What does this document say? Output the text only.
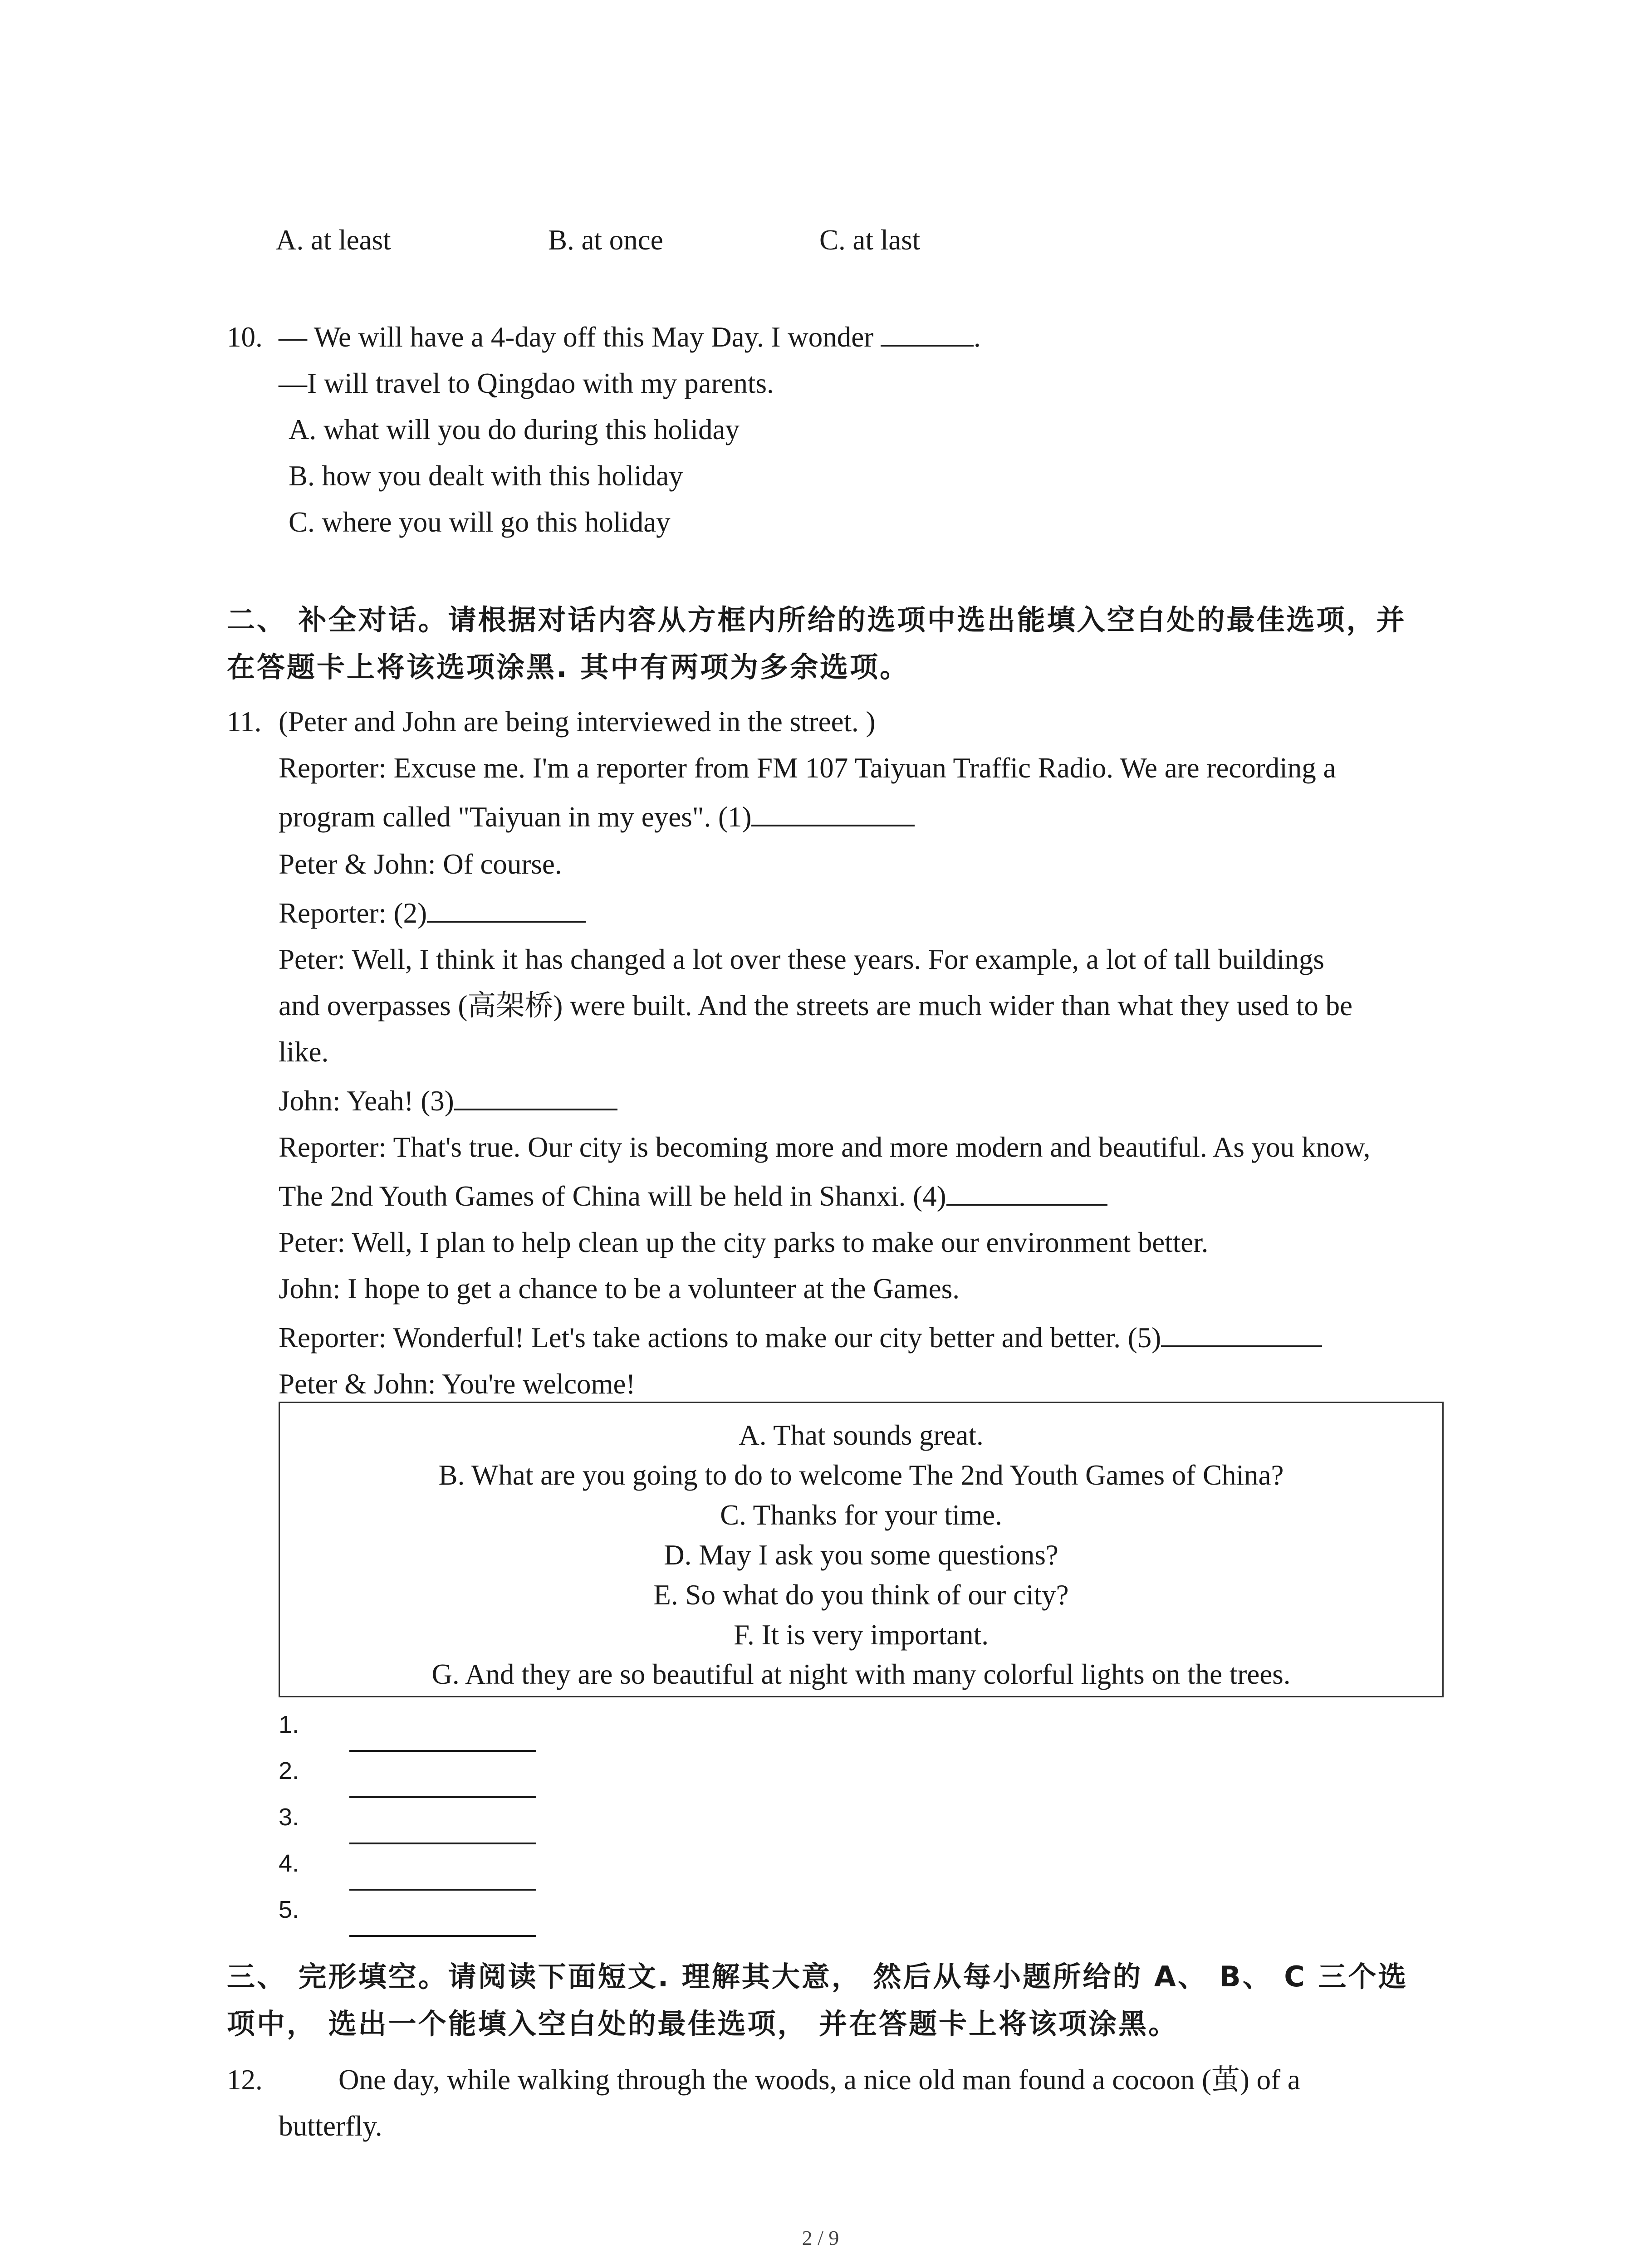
A. at least	B. at once	C. at last
10. — We will have a 4-day off this May Day. I wonder	.
—I will travel to Qingdao with my parents.
A. what will you do during this holiday
B. how you dealt with this holiday
C. where you will go this holiday
二、 补全对话。请根据对话内容从方框内所给的选项中选出能填入空白处的最佳选项，并
在答题卡上将该选项涂黑. 其中有两项为多余选项。
11. (Peter and John are being interviewed in the street. )
Reporter: Excuse me. I'm a reporter from FM 107 Taiyuan Traffic Radio. We are recording a
program called "Taiyuan in my eyes". (1)
Peter & John: Of course.
Reporter: (2)
Peter: Well, I think it has changed a lot over these years. For example, a lot of tall buildings
and overpasses (高架桥) were built. And the streets are much wider than what they used to be
like.
John: Yeah! (3)
Reporter: That's true. Our city is becoming more and more modern and beautiful. As you know,
The 2nd Youth Games of China will be held in Shanxi. (4)
Peter: Well, I plan to help clean up the city parks to make our environment better.
John: I hope to get a chance to be a volunteer at the Games.
Reporter: Wonderful! Let's take actions to make our city better and better. (5)
Peter & John: You're welcome!
A. That sounds great.
B. What are you going to do to welcome The 2nd Youth Games of China?
C. Thanks for your time.
D. May I ask you some questions?
E. So what do you think of our city?
F. It is very important.
G. And they are so beautiful at night with many colorful lights on the trees.
1.
2.
3.
4.
5.
三、 完形填空。请阅读下面短文. 理解其大意， 然后从每小题所给的 A、 B、 C 三个选
项中， 选出一个能填入空白处的最佳选项， 并在答题卡上将该项涂黑。
12.	One day, while walking through the woods, a nice old man found a cocoon (茧) of a
butterfly.
2 / 9
